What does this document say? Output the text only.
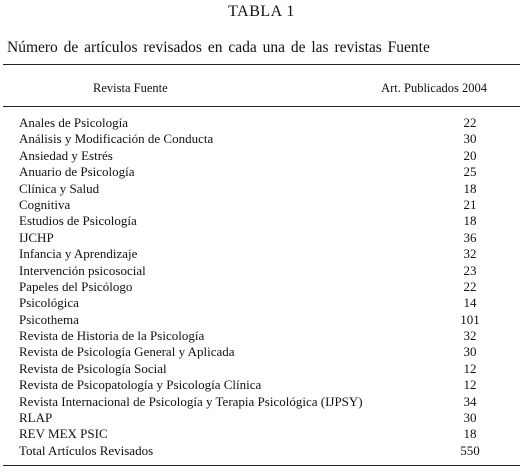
TABLA 1
Número de artículos revisados en cada una de las revistas Fuente
Revista Fuente	Art. Publicados 2004
Anales de Psicología	22
Análisis y Modificación de Conducta	30
Ansiedad y Estrés	20
Anuario de Psicología	25
Clínica y Salud	18
Cognitiva	21
Estudios de Psicología	18
IJCHP	36
Infancia y Aprendizaje	32
Intervención psicosocial	23
Papeles del Psicólogo	22
Psicológica	14
Psicothema	101
Revista de Historia de la Psicología	32
Revista de Psicología General y Aplicada	30
Revista de Psicología Social	12
Revista de Psicopatología y Psicología Clínica	12
Revista Internacional de Psicología y Terapia Psicológica (IJPSY)	34
RLAP	30
REV MEX PSIC	18
Total Artículos Revisados	550
